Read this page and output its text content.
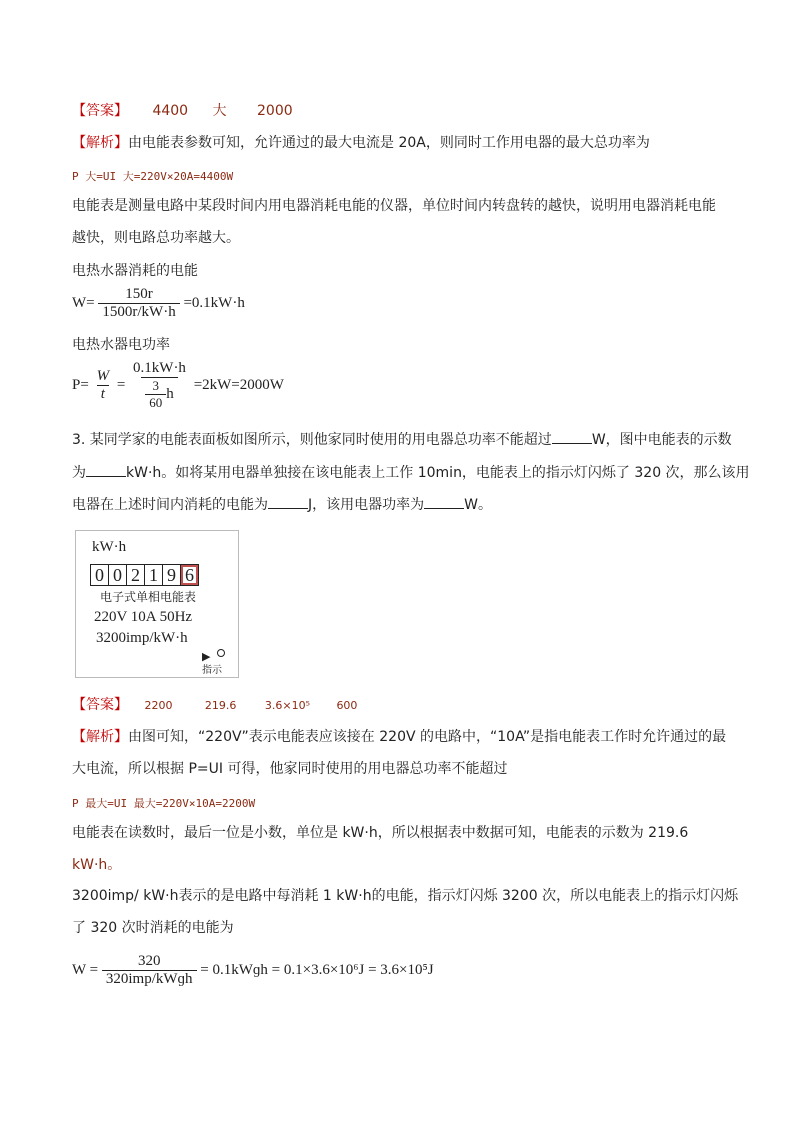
【答案】 4400 大 2000
【解析】由电能表参数可知，允许通过的最大电流是 20A，则同时工作用电器的最大总功率为
P 大=UI 大=220V×20A=4400W
电能表是测量电路中某段时间内用电器消耗电能的仪器，单位时间内转盘转的越快，说明用电器消耗电能
越快，则电路总功率越大。
电热水器消耗的电能
$W= \frac{150r}{1500r/kW\cdot h} =0.1kW\cdot h$
电热水器电功率
$P= \frac{W}{t} = \frac{0.1kW\cdot h}{\frac{3}{60} h} =2kW=2000W$
3. 某同学家的电能表面板如图所示，则他家同时使用的用电器总功率不能超过	W，图中电能表的示数
为	kW·h。如将某用电器单独接在该电能表上工作 10min，电能表上的指示灯闪烁了 320 次，那么该用
电器在上述时间内消耗的电能为	J，该用电器功率为	W。
kW·h
0 0 2 1 9 6
电子式单相电能表
220V 10A 50Hz
3200imp/kW·h
▶
指示
【答案】 2200	219.6	3.6×10⁵ 600
【解析】由图可知，“220V”表示电能表应该接在 220V 的电路中，“10A”是指电能表工作时允许通过的最
大电流，所以根据 P=UI 可得，他家同时使用的用电器总功率不能超过
P 最大=UI 最大=220V×10A=2200W
电能表在读数时，最后一位是小数，单位是 kW·h，所以根据表中数据可知，电能表的示数为 219.6
kW·h。
3200imp/ kW·h表示的是电路中每消耗 1 kW·h的电能，指示灯闪烁 3200 次，所以电能表上的指示灯闪烁
了 320 次时消耗的电能为
$W = \frac{320}{\text{320imp/kWɡh}}$ = 0.1kWɡh = 0.1×3.6×10⁶J = 3.6×10⁵J
